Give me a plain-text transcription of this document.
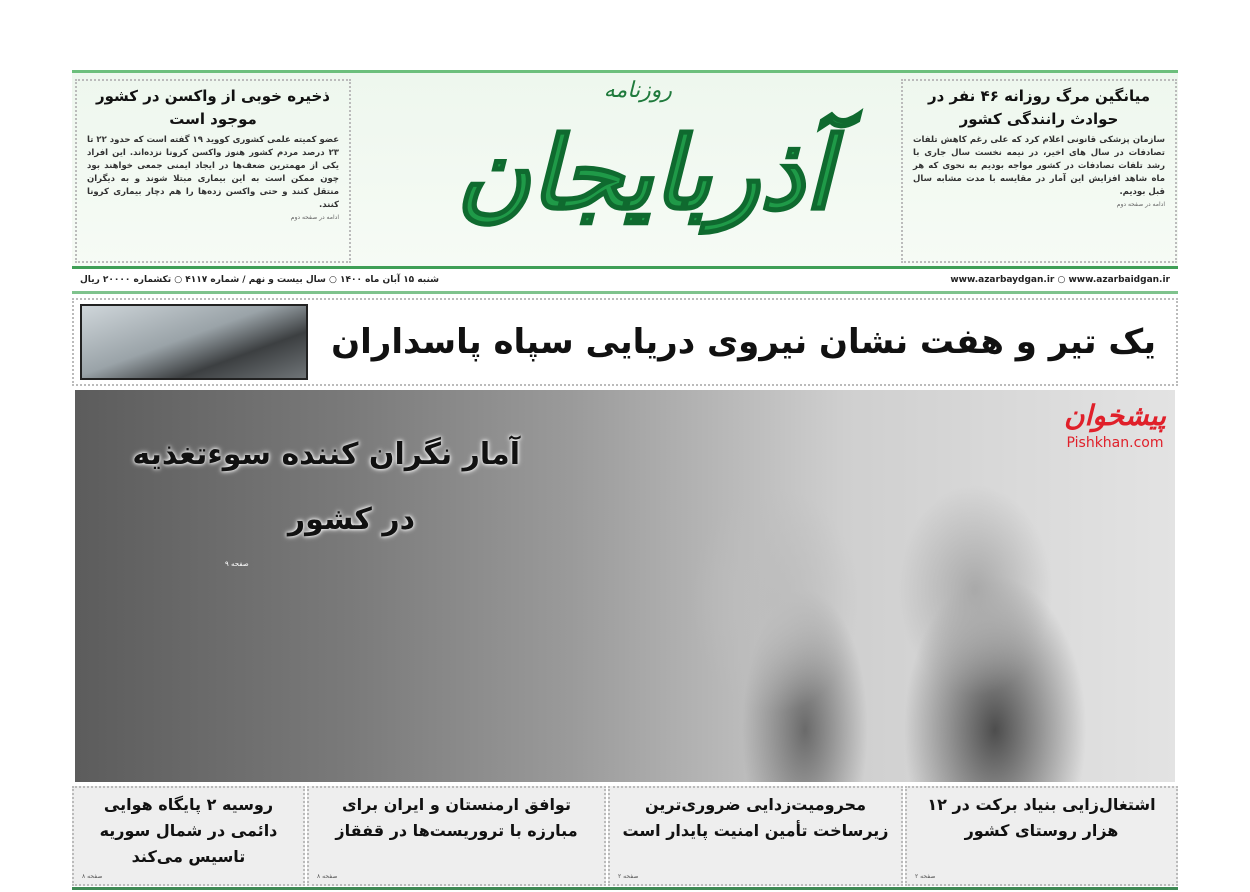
ذخیره خوبی از واکسن در کشور موجود است

عضو کمیته علمی کشوری کووید ۱۹ گفته است که حدود ۲۲ تا ۲۳ درصد مردم کشور هنوز واکسن کرونا نزده‌اند. این افراد یکی از مهمترین ضعف‌ها در ایجاد ایمنی جمعی خواهند بود چون ممکن است به این بیماری مبتلا شوند و به دیگران منتقل کنند و حتی واکسن زده‌ها را هم دچار بیماری کرونا کنند.

ادامه در صفحه دوم
روزنامه
آذربایجان
میانگین مرگ روزانه ۴۶ نفر در حوادث رانندگی کشور

سازمان پزشکی قانونی اعلام کرد که علی رغم کاهش تلفات تصادفات در سال های اخیر، در نیمه نخست سال جاری با رشد تلفات تصادفات در کشور مواجه بودیم به نحوی که هر ماه شاهد افزایش این آمار در مقایسه با مدت مشابه سال قبل بودیم.

ادامه در صفحه دوم
www.azarbaydgan.ir ○ www.azarbaidgan.ir
شنبه ۱۵ آبان ماه ۱۴۰۰ ○ سال بیست و نهم / شماره ۴۱۱۷ ○ تکشماره ۲۰۰۰۰ ریال
یک تیر و هفت نشان نیروی دریایی سپاه پاسداران
آمار نگران کننده سوءتغذیه
در کشور
صفحه ۹
پیشخوان
Pishkhan.com
اشتغال‌زایی بنیاد برکت در ۱۲ هزار روستای کشور
صفحه ۲
محرومیت‌زدایی ضروری‌ترین زیرساخت تأمین امنیت پایدار است
صفحه ۲
توافق ارمنستان و ایران برای مبارزه با تروریست‌ها در قفقاز
صفحه ۸
روسیه ۲ پایگاه هوایی دائمی در شمال سوریه تاسیس می‌کند
صفحه ۸
